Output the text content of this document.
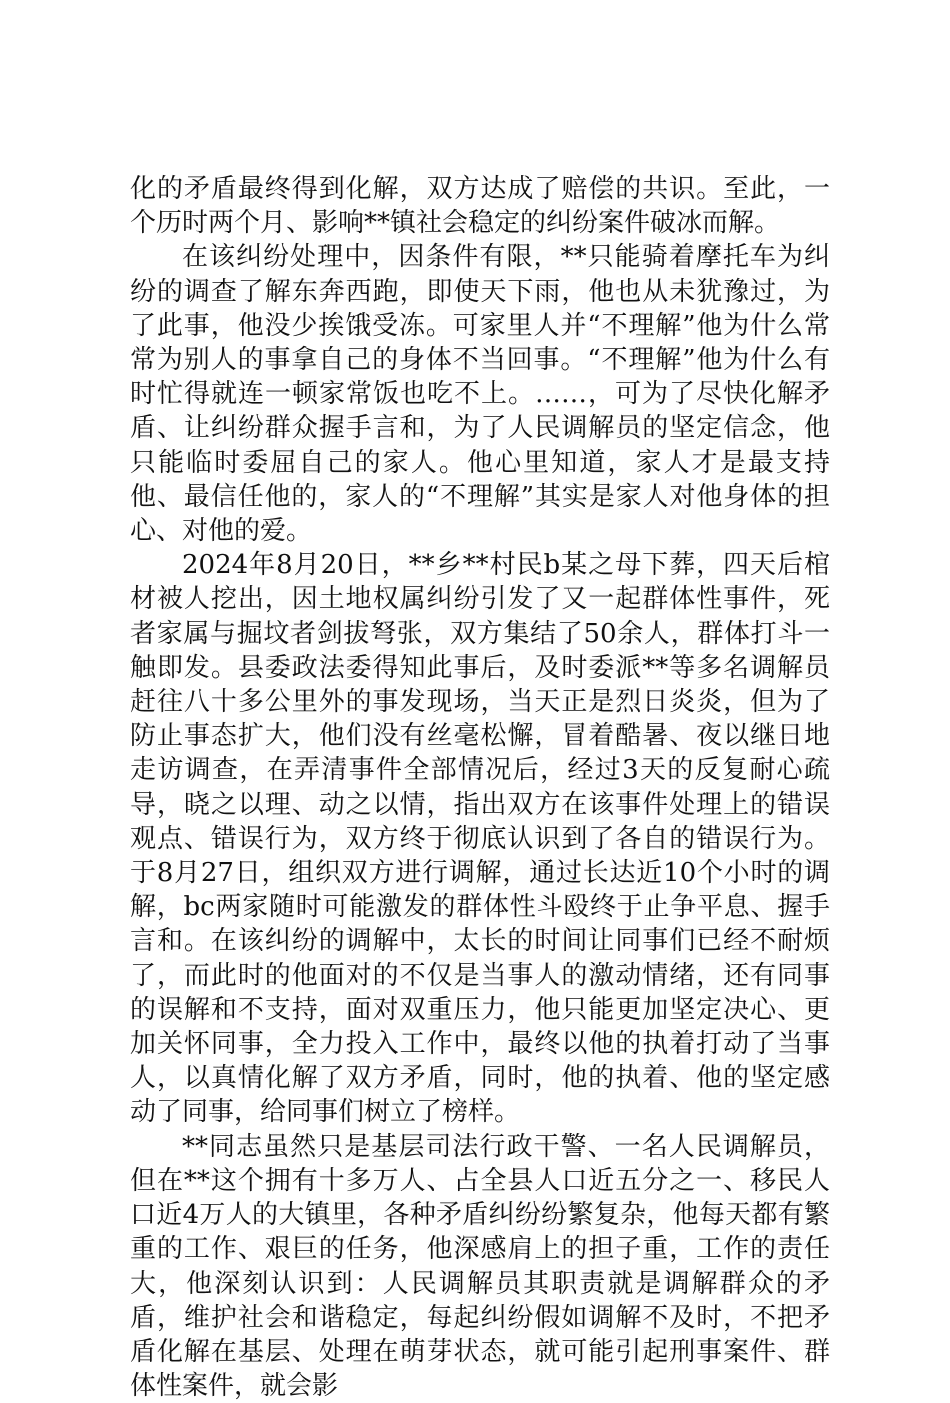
化的矛盾最终得到化解，双方达成了赔偿的共识。至此，一个历时两个月、影响**镇社会稳定的纠纷案件破冰而解。

在该纠纷处理中，因条件有限，**只能骑着摩托车为纠纷的调查了解东奔西跑，即使天下雨，他也从未犹豫过，为了此事，他没少挨饿受冻。可家里人并“不理解”他为什么常常为别人的事拿自己的身体不当回事。“不理解”他为什么有时忙得就连一顿家常饭也吃不上。……，可为了尽快化解矛盾、让纠纷群众握手言和，为了人民调解员的坚定信念，他只能临时委屈自己的家人。他心里知道，家人才是最支持他、最信任他的，家人的“不理解”其实是家人对他身体的担心、对他的爱。

2024年8月20日，**乡**村民b某之母下葬，四天后棺材被人挖出，因土地权属纠纷引发了又一起群体性事件，死者家属与掘坟者剑拔弩张，双方集结了50余人，群体打斗一触即发。县委政法委得知此事后，及时委派**等多名调解员赶往八十多公里外的事发现场，当天正是烈日炎炎，但为了防止事态扩大，他们没有丝毫松懈，冒着酷暑、夜以继日地走访调查，在弄清事件全部情况后，经过3天的反复耐心疏导，晓之以理、动之以情，指出双方在该事件处理上的错误观点、错误行为，双方终于彻底认识到了各自的错误行为。于8月27日，组织双方进行调解，通过长达近10个小时的调解，bc两家随时可能激发的群体性斗殴终于止争平息、握手言和。在该纠纷的调解中，太长的时间让同事们已经不耐烦了，而此时的他面对的不仅是当事人的激动情绪，还有同事的误解和不支持，面对双重压力，他只能更加坚定决心、更加关怀同事，全力投入工作中，最终以他的执着打动了当事人，以真情化解了双方矛盾，同时，他的执着、他的坚定感动了同事，给同事们树立了榜样。

**同志虽然只是基层司法行政干警、一名人民调解员，但在**这个拥有十多万人、占全县人口近五分之一、移民人口近4万人的大镇里，各种矛盾纠纷纷繁复杂，他每天都有繁重的工作、艰巨的任务，他深感肩上的担子重，工作的责任大，他深刻认识到：人民调解员其职责就是调解群众的矛盾，维护社会和谐稳定，每起纠纷假如调解不及时，不把矛盾化解在基层、处理在萌芽状态，就可能引起刑事案件、群体性案件，就会影
